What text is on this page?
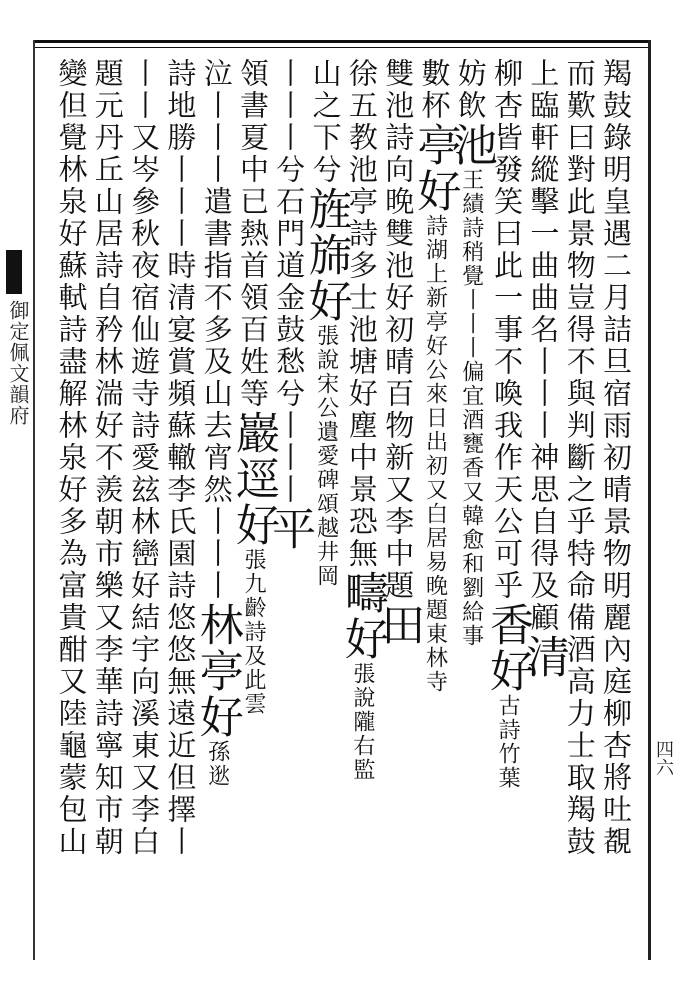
御定佩文韻府
四六
羯鼓錄明皇遇二月詰旦宿雨初晴景物明麗內庭柳杏將吐覩
而歎曰對此景物豈得不與判斷之乎特命備酒高力士取羯鼓
上臨軒縱擊一曲曲名丨丨丨神思自得及顧清
柳杏皆發笑曰此一事不喚我作天公可乎香好古詩竹葉
妨飲池王績詩稍覺丨丨丨偏宜酒甕香又韓愈和劉給事
數杯亭好詩湖上新亭好公來日出初又白居易晚題東林寺
雙池詩向晚雙池好初晴百物新又李中題田
徐五教池亭詩多士池塘好塵中景恐無疇好張說隴右監
山之下兮旌旆好張說宋公遺愛碑頌越井岡
丨丨丨兮石門道金鼓愁兮丨丨丨平
領書夏中已熱首領百姓等巖逕好張九齡詩及此雲
泣丨丨丨遣書指不多及山去宵然丨丨丨林亭好孫逖
詩地勝丨丨丨時清宴賞頻蘇轍李氏園詩悠悠無遠近但擇丨
丨丨又岑參秋夜宿仙遊寺詩愛玆林巒好結宇向溪東又李白
題元丹丘山居詩自矜林湍好不羨朝市樂又李華詩寧知市朝
變但覺林泉好蘇軾詩盡解林泉好多為富貴酣又陸龜蒙包山
